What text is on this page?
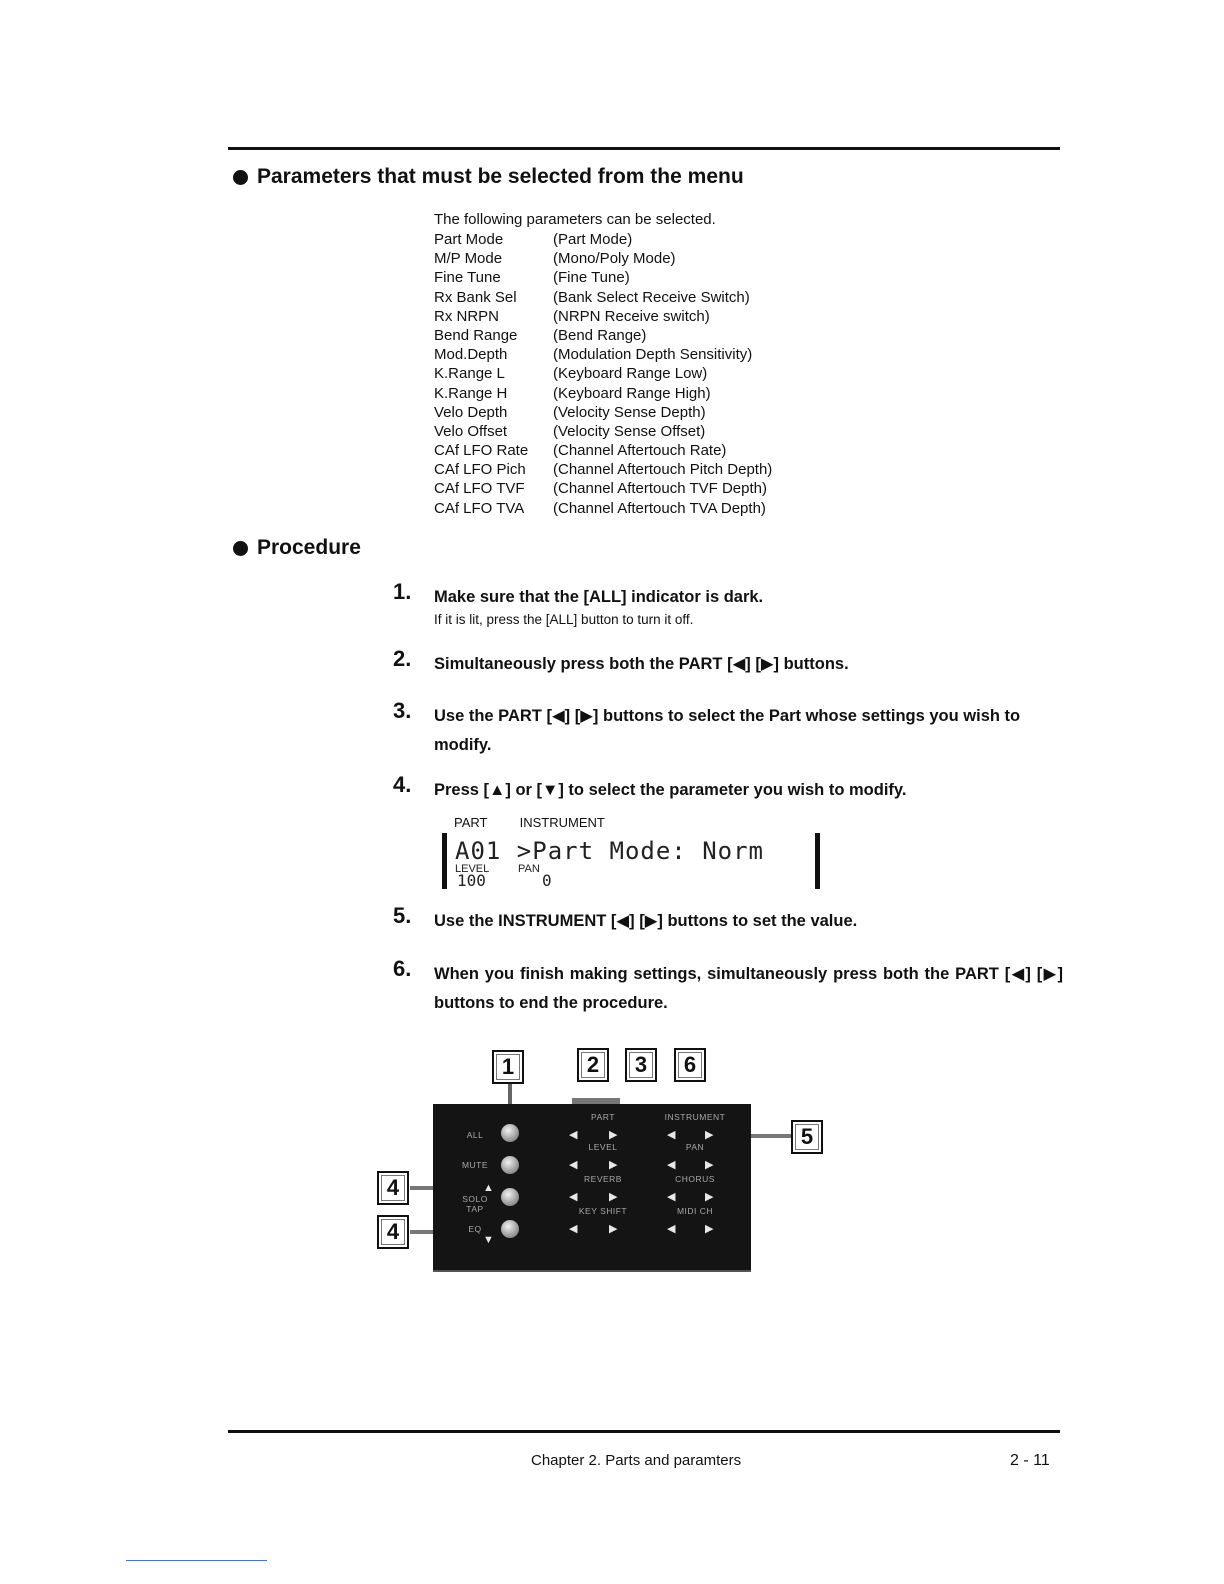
Parameters that must be selected from the menu
The following parameters can be selected.
Part Mode	(Part Mode)
M/P Mode	(Mono/Poly Mode)
Fine Tune	(Fine Tune)
Rx Bank Sel (Bank Select Receive Switch)
Rx NRPN	(NRPN Receive switch)
Bend Range (Bend Range)
Mod.Depth	(Modulation Depth Sensitivity)
K.Range L	(Keyboard Range Low)
K.Range H	(Keyboard Range High)
Velo Depth	(Velocity Sense Depth)
Velo Offset	(Velocity Sense Offset)
CAf LFO Rate (Channel Aftertouch Rate)
CAf LFO Pich (Channel Aftertouch Pitch Depth)
CAf LFO TVF (Channel Aftertouch TVF Depth)
CAf LFO TVA (Channel Aftertouch TVA Depth)
Procedure
1. Make sure that the [ALL] indicator is dark.
If it is lit, press the [ALL] button to turn it off.
2. Simultaneously press both the PART [◀] [▶] buttons.
3. Use the PART [◀] [▶] buttons to select the Part whose settings you wish to modify.
4. Press [▲] or [▼] to select the parameter you wish to modify.
PART INSTRUMENT
A01 >Part Mode: Norm
LEVEL	PAN
100	0
5. Use the INSTRUMENT [◀] [▶] buttons to set the value.
6. When you finish making settings, simultaneously press both the PART [◀] [▶] buttons to end the procedure.
ALL
MUTE
▲
SOLO
TAP
EQ
▼
PART
LEVEL
REVERB
KEY SHIFT
INSTRUMENT
PAN
CHORUS
MIDI CH
◀	▶	◀	▶
◀	▶	◀	▶
◀	▶	◀	▶
◀	▶	◀	▶
1	2	3	6
5
4
4
Chapter 2. Parts and paramters	2 - 11
